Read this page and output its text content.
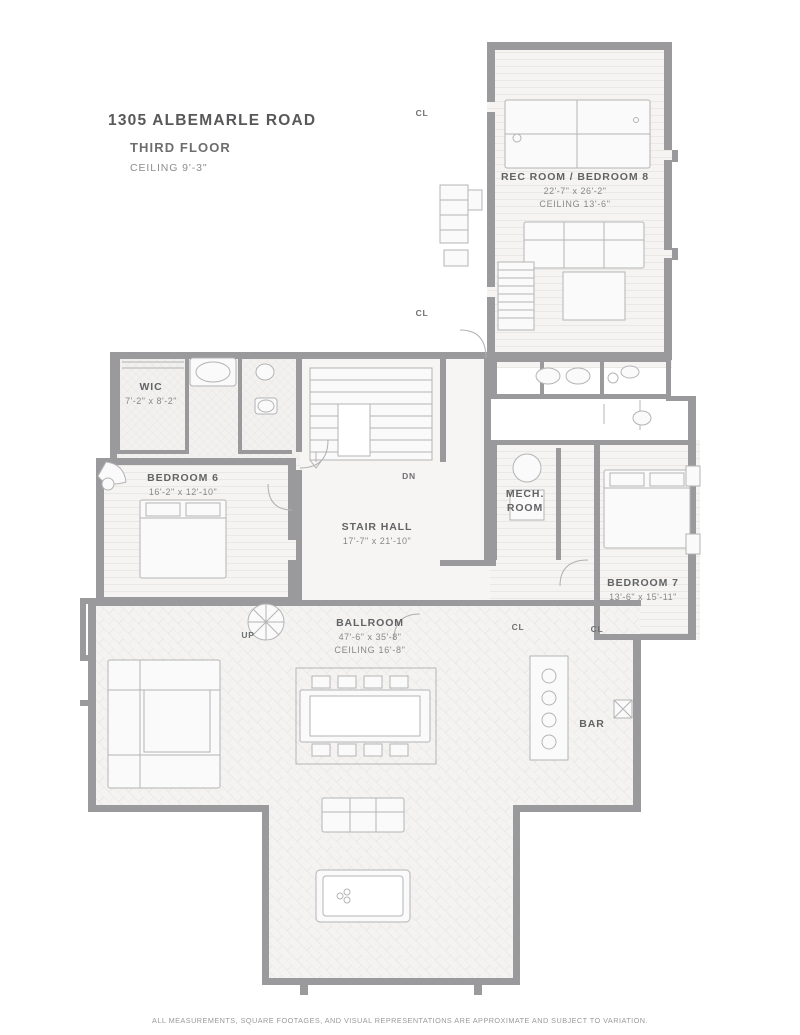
1305 ALBEMARLE ROAD
THIRD FLOOR
CEILING 9'-3"
REC ROOM / BEDROOM 8
22'-7" x 26'-2"
CEILING 13'-6"
WIC
7'-2" x 8'-2"
BEDROOM 6
16'-2" x 12'-10"
STAIR HALL
17'-7" x 21'-10"
MECH. ROOM
BEDROOM 7
13'-6" x 15'-11"
BALLROOM
47'-6" x 35'-8"
CEILING 16'-8"
BAR
CL
CL
CL	CL
DN
UP
ALL MEASUREMENTS, SQUARE FOOTAGES, AND VISUAL REPRESENTATIONS ARE APPROXIMATE AND SUBJECT TO VARIATION.
